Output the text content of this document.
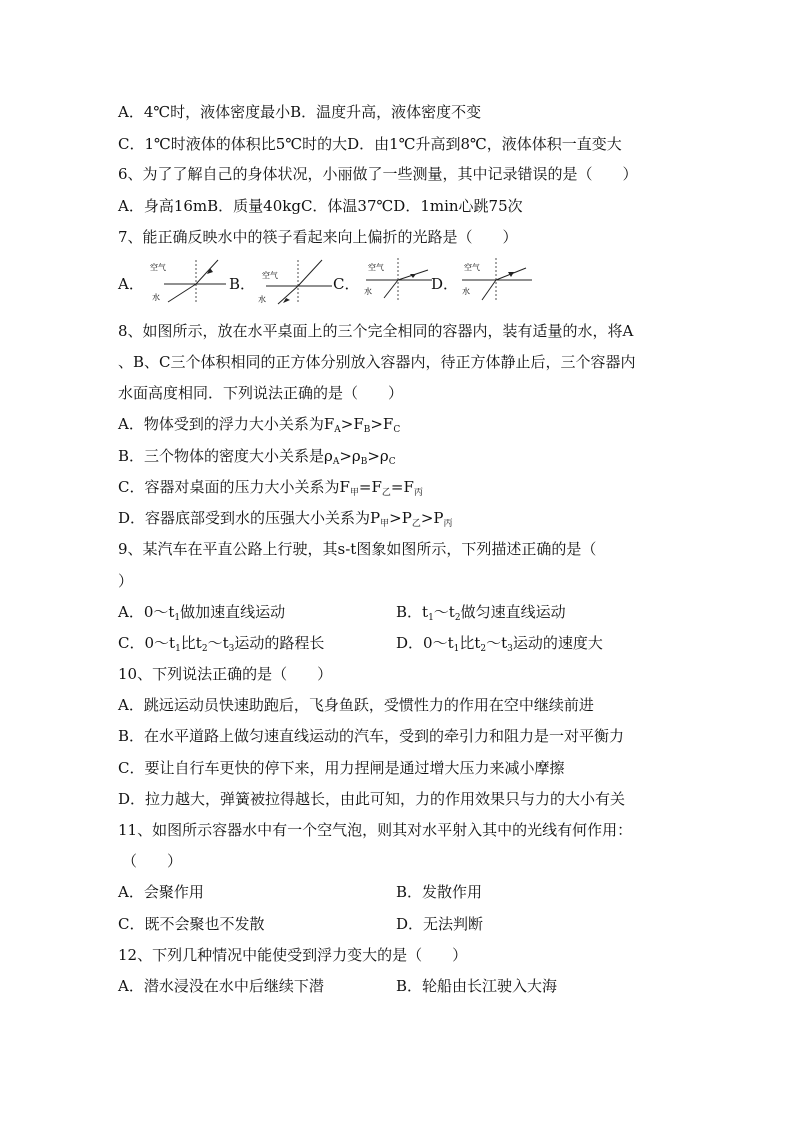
A．4℃时，液体密度最小B．温度升高，液体密度不变
C．1℃时液体的体积比5℃时的大D．由1℃升高到8℃，液体体积一直变大
6、为了了解自己的身体状况，小丽做了一些测量，其中记录错误的是（　　）
A．身高16mB．质量40kgC．体温37℃D．1min心跳75次
7、能正确反映水中的筷子看起来向上偏折的光路是（　　）
A．
空气
水
B． 空气
水
C．
空气
水	D．
空气
水
8、如图所示，放在水平桌面上的三个完全相同的容器内，装有适量的水，将A
、B、C三个体积相同的正方体分别放入容器内，待正方体静止后，三个容器内
水面高度相同．下列说法正确的是（　　）
A．物体受到的浮力大小关系为$F_A>F_B>F_C$
B．三个物体的密度大小关系是$\rho_A>\rho_B>\rho_C$
C．容器对桌面的压力大小关系为$F_甲=F_乙=F_丙$
D．容器底部受到水的压强大小关系为$P_甲>P_乙>P_丙$
9、某汽车在平直公路上行驶，其s-t图象如图所示，下列描述正确的是（
）
A．$0\sim t_1$做加速直线运动	B．$t_1\sim t_2$做匀速直线运动
C．$0\sim t_1$比$t_2\sim t_3$运动的路程长	D．$0\sim t_1$比$t_2\sim t_3$运动的速度大
10、下列说法正确的是（　　）
A．跳远运动员快速助跑后，飞身鱼跃，受惯性力的作用在空中继续前进
B．在水平道路上做匀速直线运动的汽车，受到的牵引力和阻力是一对平衡力
C．要让自行车更快的停下来，用力捏闸是通过增大压力来减小摩擦
D．拉力越大，弹簧被拉得越长，由此可知，力的作用效果只与力的大小有关
11、如图所示容器水中有一个空气泡，则其对水平射入其中的光线有何作用：
（　　）
A．会聚作用	B．发散作用
C．既不会聚也不发散	D．无法判断
12、下列几种情况中能使受到浮力变大的是（　　）
A．潜水浸没在水中后继续下潜	B．轮船由长江驶入大海
